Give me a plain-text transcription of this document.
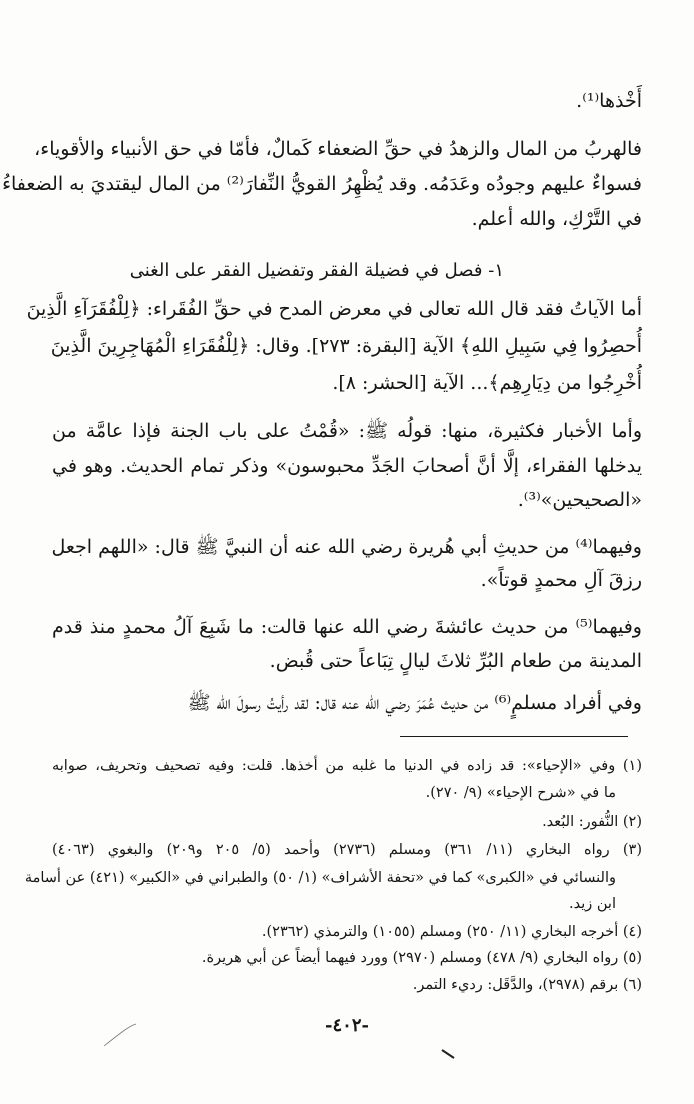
أَخْذها⁽¹⁾.
فالهربُ من المال والزهدُ في حقِّ الضعفاء كَمالٌ، فأمّا في حق الأنبياء والأقوياء،
فسواءٌ عليهم وجودُه وعَدَمُه. وقد يُظْهِرُ القويُّ النِّفارَ⁽²⁾ من المال ليقتديَ به الضعفاءُ
في التَّرْكِ، والله أعلم.
١- فصل في فضيلة الفقر وتفضيل الفقر على الغنى
أما الآياتُ فقد قال الله تعالى في معرض المدح في حقِّ الفُقَراء: ﴿لِلْفُقَرَآءِ الَّذِينَ
أُحصِرُوا فِي سَبِيلِ اللهِ﴾ الآية [البقرة: ٢٧٣]. وقال: ﴿لِلْفُقَرَاءِ الْمُهَاجِرِينَ الَّذِينَ
أُخْرِجُوا من دِيَارِهِم﴾... الآية [الحشر: ٨].
وأما الأخبار فكثيرة، منها: قولُه ﷺ: «قُمْتُ على باب الجنة فإذا عامَّة من
يدخلها الفقراء، إلَّا أنَّ أصحابَ الجَدِّ محبوسون» وذكر تمام الحديث. وهو في
«الصحيحين»⁽³⁾.
وفيهما⁽⁴⁾ من حديثِ أبي هُريرة رضي الله عنه أن النبيَّ ﷺ قال: «اللهم اجعل
رزقَ آلِ محمدٍ قوتاً».
وفيهما⁽⁵⁾ من حديث عائشةَ رضي الله عنها قالت: ما شَبِعَ آلُ محمدٍ منذ قدم
المدينة من طعام البُرِّ ثلاثَ ليالٍ تِبَاعاً حتى قُبض.
وفي أفراد مسلمٍ⁽⁶⁾ من حديث عُمَرَ رضي الله عنه قال: لقد رأيتُ رسولَ الله ﷺ
(١) وفي «الإحياء»: قد زاده في الدنيا ما غلبه من أخذها. قلت: وفيه تصحيف وتحريف، صوابه
ما في «شرح الإحياء» (٩/ ٢٧٠).
(٢) النُّفور: البُعد.
(٣) رواه البخاري (١١/ ٣٦١) ومسلم (٢٧٣٦) وأحمد (٥/ ٢٠٥ و٢٠٩) والبغوي (٤٠٦٣)
والنسائي في «الكبرى» كما في «تحفة الأشراف» (١/ ٥٠) والطبراني في «الكبير» (٤٢١) عن أسامة
ابن زيد.
(٤) أخرجه البخاري (١١/ ٢٥٠) ومسلم (١٠٥٥) والترمذي (٢٣٦٢).
(٥) رواه البخاري (٩/ ٤٧٨) ومسلم (٢٩٧٠) وورد فيهما أيضاً عن أبي هريرة.
(٦) برقم (٢٩٧٨)، والدَّقَل: رديء التمر.
-٤٠٢-
